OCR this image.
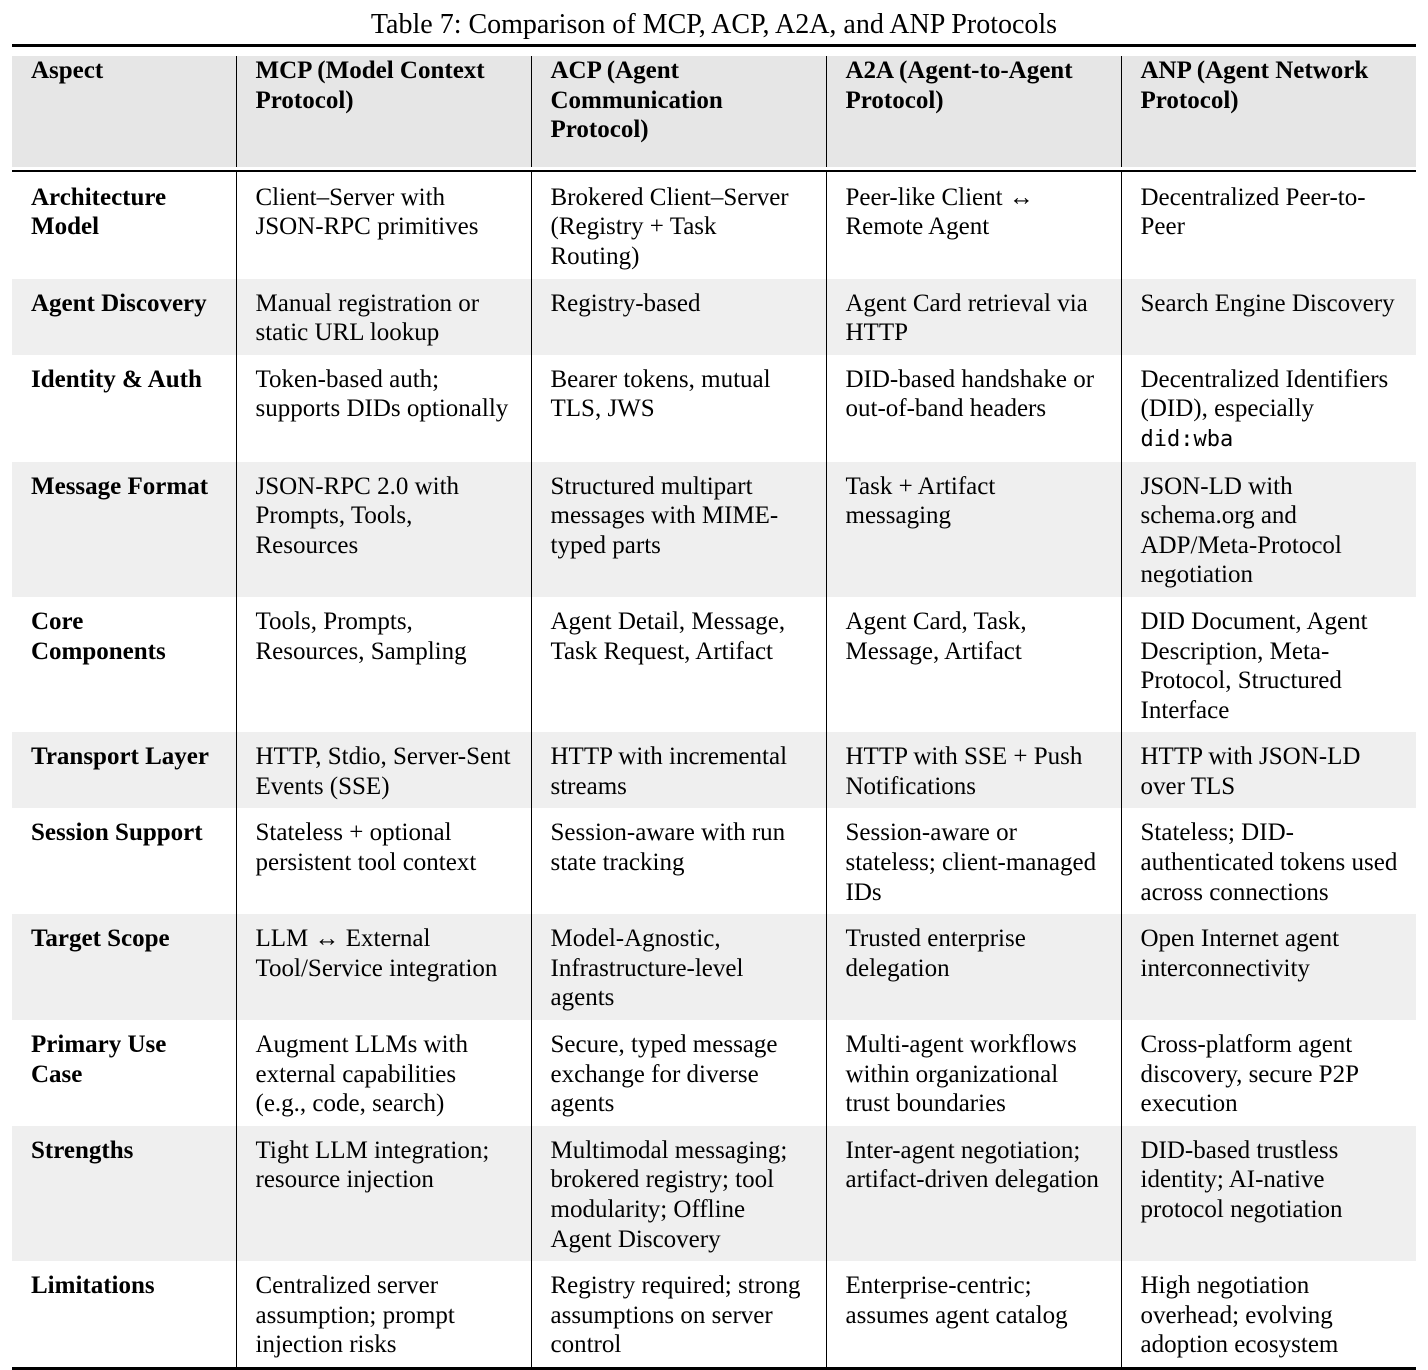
Table 7: Comparison of MCP, ACP, A2A, and ANP Protocols
Aspect	MCP (Model Context Protocol)	ACP (Agent Communication Protocol)	A2A (Agent-to-Agent Protocol)	ANP (Agent Network Protocol)
Architecture Model	Client–Server with JSON-RPC primitives	Brokered Client–Server (Registry + Task Routing)	Peer-like Client ↔ Remote Agent	Decentralized Peer-to-Peer
Agent Discovery	Manual registration or static URL lookup	Registry-based	Agent Card retrieval via HTTP	Search Engine Discovery
Identity & Auth	Token-based auth; supports DIDs optionally	Bearer tokens, mutual TLS, JWS	DID-based handshake or out-of-band headers	Decentralized Identifiers (DID), especially did:wba
Message Format	JSON-RPC 2.0 with Prompts, Tools, Resources	Structured multipart messages with MIME-typed parts	Task + Artifact messaging	JSON-LD with schema.org and ADP/Meta-Protocol negotiation
Core Components	Tools, Prompts, Resources, Sampling	Agent Detail, Message, Task Request, Artifact	Agent Card, Task, Message, Artifact	DID Document, Agent Description, Meta-Protocol, Structured Interface
Transport Layer	HTTP, Stdio, Server-Sent Events (SSE)	HTTP with incremental streams	HTTP with SSE + Push Notifications	HTTP with JSON-LD over TLS
Session Support	Stateless + optional persistent tool context	Session-aware with run state tracking	Session-aware or stateless; client-managed IDs	Stateless; DID-authenticated tokens used across connections
Target Scope	LLM ↔ External Tool/Service integration	Model-Agnostic, Infrastructure-level agents	Trusted enterprise delegation	Open Internet agent interconnectivity
Primary Use Case	Augment LLMs with external capabilities (e.g., code, search)	Secure, typed message exchange for diverse agents	Multi-agent workflows within organizational trust boundaries	Cross-platform agent discovery, secure P2P execution
Strengths	Tight LLM integration; resource injection	Multimodal messaging; brokered registry; tool modularity; Offline Agent Discovery	Inter-agent negotiation; artifact-driven delegation	DID-based trustless identity; AI-native protocol negotiation
Limitations	Centralized server assumption; prompt injection risks	Registry required; strong assumptions on server control	Enterprise-centric; assumes agent catalog	High negotiation overhead; evolving adoption ecosystem
